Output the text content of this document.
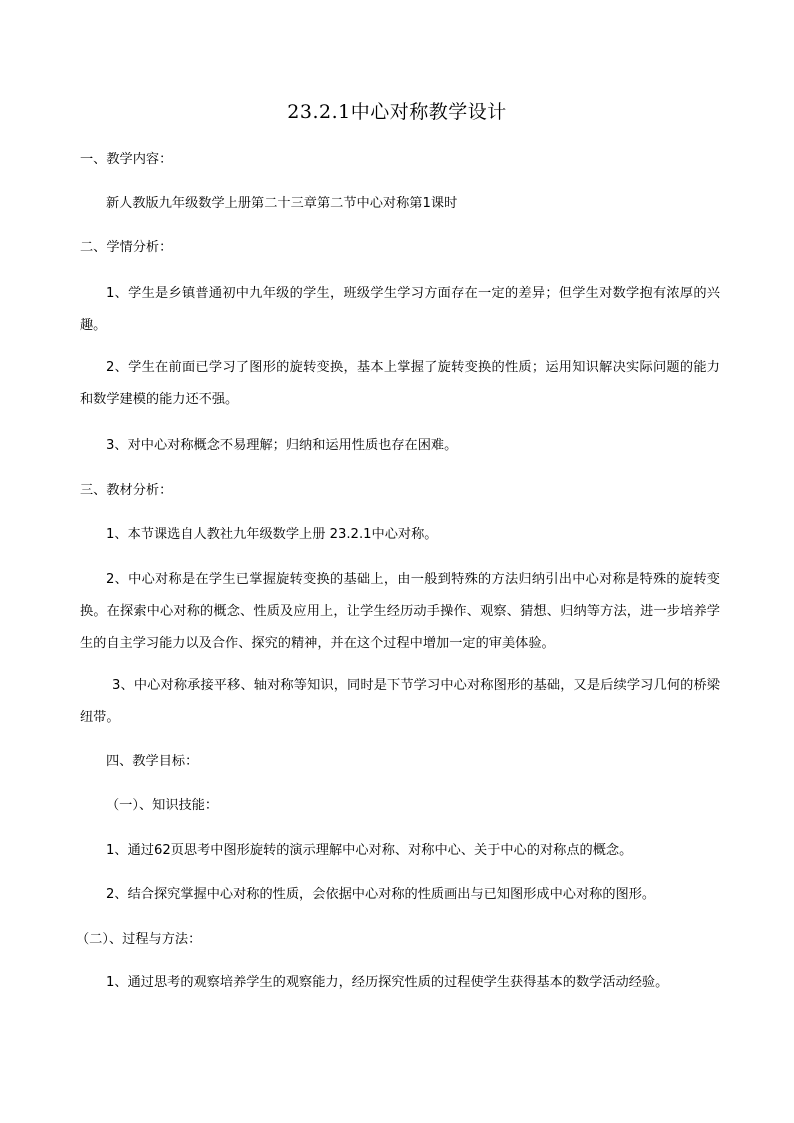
23.2.1中心对称教学设计
一、教学内容：
新人教版九年级数学上册第二十三章第二节中心对称第1课时
二、学情分析：
1、学生是乡镇普通初中九年级的学生，班级学生学习方面存在一定的差异；但学生对数学抱有浓厚的兴趣。
2、学生在前面已学习了图形的旋转变换，基本上掌握了旋转变换的性质；运用知识解决实际问题的能力和数学建模的能力还不强。
3、对中心对称概念不易理解；归纳和运用性质也存在困难。
三、教材分析：
1、本节课选自人教社九年级数学上册 23.2.1中心对称。
2、中心对称是在学生已掌握旋转变换的基础上，由一般到特殊的方法归纳引出中心对称是特殊的旋转变换。在探索中心对称的概念、性质及应用上，让学生经历动手操作、观察、猜想、归纳等方法，进一步培养学生的自主学习能力以及合作、探究的精神，并在这个过程中增加一定的审美体验。
3、中心对称承接平移、轴对称等知识，同时是下节学习中心对称图形的基础，又是后续学习几何的桥梁纽带。
四、教学目标：
（一）、知识技能：
1、通过62页思考中图形旋转的演示理解中心对称、对称中心、关于中心的对称点的概念。
2、结合探究掌握中心对称的性质，会依据中心对称的性质画出与已知图形成中心对称的图形。
（二）、过程与方法：
1、通过思考的观察培养学生的观察能力，经历探究性质的过程使学生获得基本的数学活动经验。
